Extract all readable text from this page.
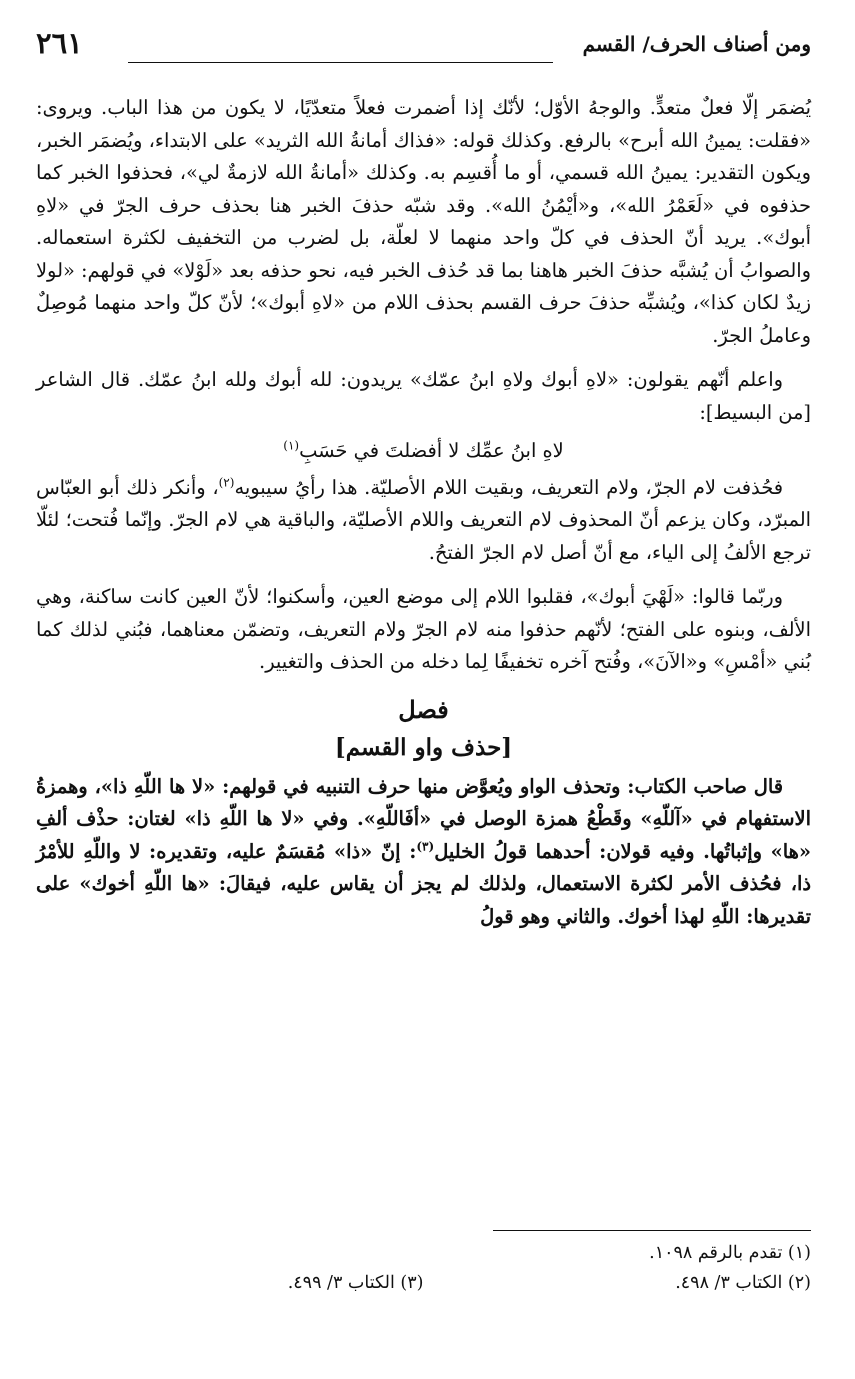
ومن أصناف الحرف/ القسم
٢٦١

يُضمَر إلّا فعلٌ متعدٍّ. والوجهُ الأوّل؛ لأنّك إذا أضمرت فعلاً متعدّيًا، لا يكون من هذا الباب. ويروى: «فقلت: يمينُ الله أبرح» بالرفع. وكذلك قوله: «فذاك أمانةُ الله الثريد» على الابتداء، ويُضمَر الخبر، ويكون التقدير: يمينُ الله قسمي، أو ما أُقسِم به. وكذلك «أمانةُ الله لازمةٌ لي»، فحذفوا الخبر كما حذفوه في «لَعَمْرُ الله»، و«أيْمُنُ الله». وقد شبّه حذفَ الخبر هنا بحذف حرف الجرّ في «لاهِ أبوك». يريد أنّ الحذف في كلّ واحد منهما لا لعلّة، بل لضرب من التخفيف لكثرة استعماله. والصوابُ أن يُشبَّه حذفَ الخبر هاهنا بما قد حُذف الخبر فيه، نحو حذفه بعد «لَوْلا» في قولهم: «لولا زيدٌ لكان كذا»، ويُشبِّه حذفَ حرف القسم بحذف اللام من «لاهِ أبوك»؛ لأنّ كلّ واحد منهما مُوصِلٌ وعاملُ الجرّ.

واعلم أنّهم يقولون: «لاهِ أبوك ولاهِ ابنُ عمّك» يريدون: لله أبوك ولله ابنُ عمّك. قال الشاعر [من البسيط]:

لاهِ ابنُ عمِّك لا أفضلتَ في حَسَبِ$^{(١)}$

فحُذفت لام الجرّ، ولام التعريف، وبقيت اللام الأصليّة. هذا رأيُ سيبويه$^{(٢)}$، وأنكر ذلك أبو العبّاس المبرّد، وكان يزعم أنّ المحذوف لام التعريف واللام الأصليّة، والباقية هي لام الجرّ. وإنّما فُتحت؛ لئلّا ترجع الألفُ إلى الياء، مع أنّ أصل لام الجرّ الفتحُ.

وربّما قالوا: «لَهْيَ أبوك»، فقلبوا اللام إلى موضع العين، وأسكنوا؛ لأنّ العين كانت ساكنة، وهي الألف، وبنوه على الفتح؛ لأنّهم حذفوا منه لام الجرّ ولام التعريف، وتضمّن معناهما، فبُني لذلك كما بُني «أمْسِ» و«الآنَ»، وفُتح آخره تخفيفًا لِما دخله من الحذف والتغيير.

فصل
[حذف واو القسم]

قال صاحب الكتاب: وتحذف الواو ويُعوَّض منها حرف التنبيه في قولهم: «لا ها اللّهِ ذا»، وهمزةُ الاستفهام في «آللّهِ» وقَطْعُ همزة الوصل في «أفَاللّهِ». وفي «لا ها اللّهِ ذا» لغتان: حذْف ألفِ «ها» وإثباتُها. وفيه قولان: أحدهما قولُ الخليل$^{(٣)}$: إنّ «ذا» مُقسَمٌ عليه، وتقديره: لا واللّهِ للأمْرُ ذا، فحُذف الأمر لكثرة الاستعمال، ولذلك لم يجز أن يقاس عليه، فيقالَ: «ها اللّهِ أخوك» على تقديرها: اللّهِ لهذا أخوك. والثاني وهو قولُ

(١) تقدم بالرقم ١٠٩٨.
(٢) الكتاب ٣/ ٤٩٨.
(٣) الكتاب ٣/ ٤٩٩.
